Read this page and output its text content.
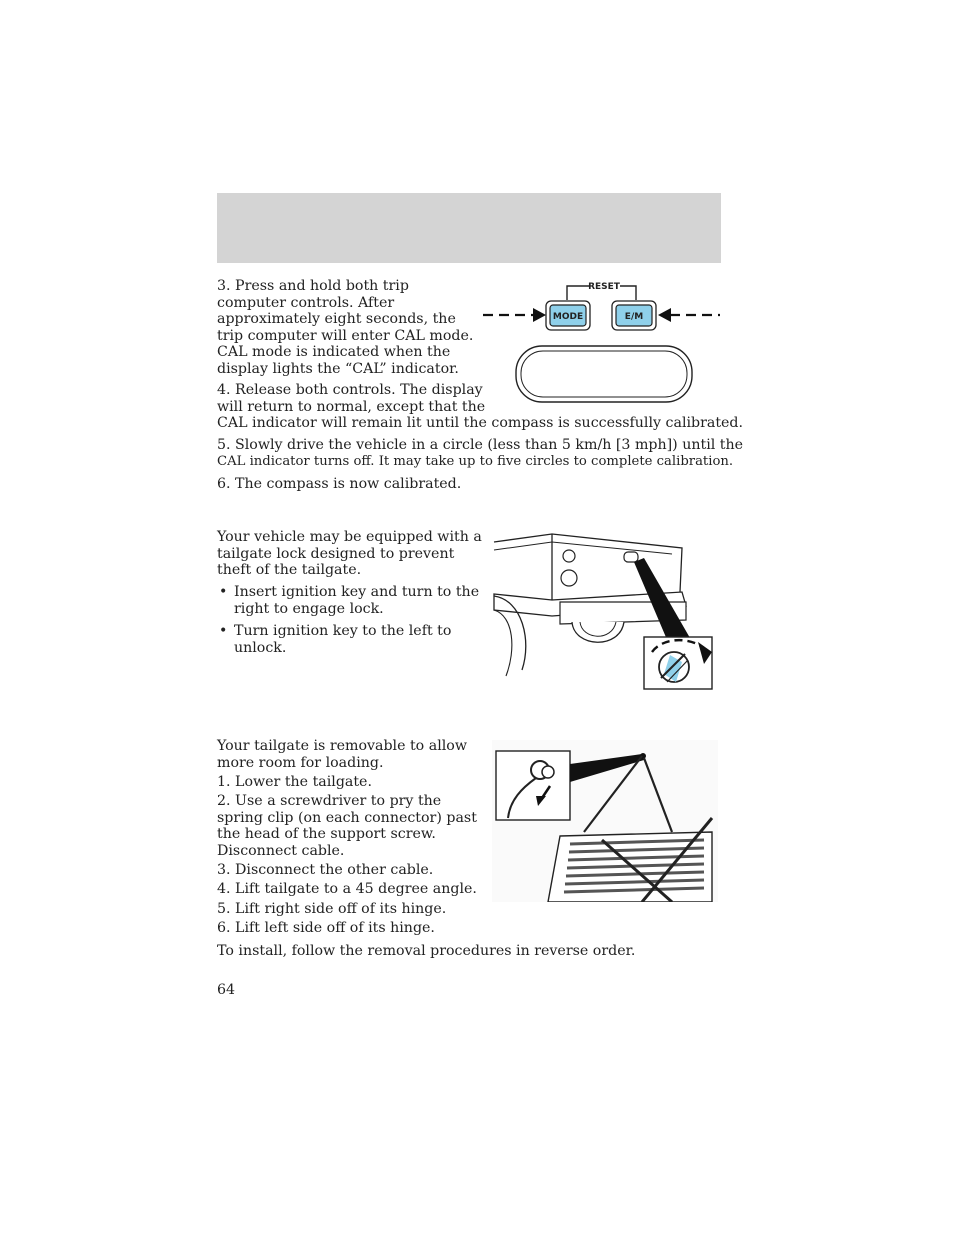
3. Press and hold both trip
computer controls. After
approximately eight seconds, the
trip computer will enter CAL mode.
CAL mode is indicated when the
display lights the “CAL” indicator.
4. Release both controls. The display
will return to normal, except that the
CAL indicator will remain lit until the compass is successfully calibrated.
5. Slowly drive the vehicle in a circle (less than 5 km/h [3 mph]) until the
CAL indicator turns off. It may take up to five circles to complete calibration.
6. The compass is now calibrated.
RESET
MODE	E/M
Your vehicle may be equipped with a
tailgate lock designed to prevent
theft of the tailgate.
• Insert ignition key and turn to the
right to engage lock.
• Turn ignition key to the left to
unlock.
Your tailgate is removable to allow
more room for loading.
1. Lower the tailgate.
2. Use a screwdriver to pry the
spring clip (on each connector) past
the head of the support screw.
Disconnect cable.
3. Disconnect the other cable.
4. Lift tailgate to a 45 degree angle.
5. Lift right side off of its hinge.
6. Lift left side off of its hinge.
To install, follow the removal procedures in reverse order.
64
